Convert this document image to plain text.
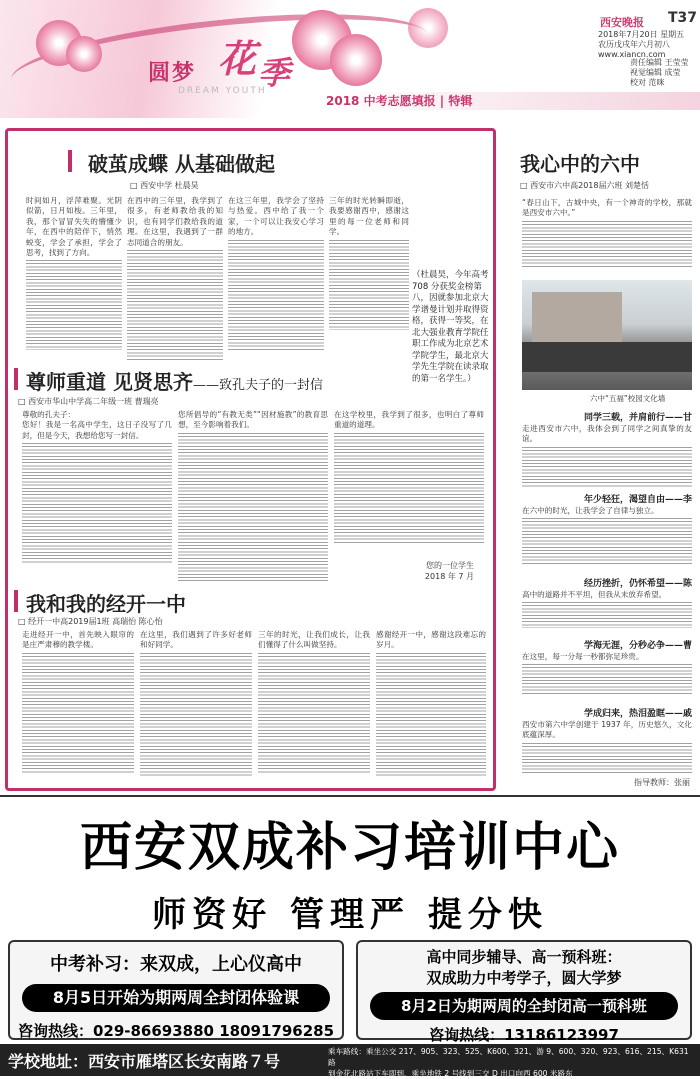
圆梦 花 季
DREAM YOUTH
2018 中考志愿填报 | 特辑
西安晚报 T37
2018年7月20日 星期五
农历戊戌年六月初八
www.xiancn.com
责任编辑 王莹莹
视觉编辑 成莹
校对 范咪
破茧成蝶 从基础做起
□ 西安中学 杜晨昊
时间如月，浮萍难聚。光阴似箭，日月如梭。三年里，我，那个冒冒失失的懵懂少年，在西中的陪伴下，悄然蜕变，学会了承担，学会了思考，找到了方向。
在西中的三年里，我学到了很多，有老师教给我的知识，也有同学们教给我的道理。在这里，我遇到了一群志同道合的朋友。
在这三年里，我学会了坚持与热爱。西中给了我一个家，一个可以让我安心学习的地方。
三年的时光转瞬即逝，我要感谢西中，感谢这里的每一位老师和同学。
（杜晨昊，今年高考 708 分获奖金榜第八，因就参加北京大学谱曼计划并取得资格，获得一等奖，在北大强业教育学院任职工作成为北京艺术学院学生，最北京大学先生学院在读录取的第一名学生。）
尊师重道 见贤思齐——致孔夫子的一封信
□ 西安市华山中学高二年级一班 曹瑞亮
尊敬的孔夫子：
您好！我是一名高中学生，这日子没写了几封，但是今天，我想给您写一封信。
您所倡导的“有教无类”“因材施教”的教育思想，至今影响着我们。
在这学校里，我学到了很多，也明白了尊师重道的道理。
您的一位学生
2018 年 7 月
我和我的经开一中
□ 经开一中高2019届1班 高瑞怡 陈心怡
走进经开一中，首先映入眼帘的是庄严肃穆的教学楼。
在这里，我们遇到了许多好老师和好同学。
三年的时光，让我们成长，让我们懂得了什么叫做坚持。
感谢经开一中，感谢这段难忘的岁月。
我心中的六中
□ 西安市六中高2018届六班 刘楚恬
“春日山下，古城中央，有一个神奇的学校，那就是西安市六中。”
六中“五福”校园文化墙
同学三载，并肩前行——甘
走进西安市六中，我体会到了同学之间真挚的友谊。
年少轻狂，渴望自由——李
在六中的时光，让我学会了自律与独立。
经历挫折，仍怀希望——陈
高中的道路并不平坦，但我从未放弃希望。
学海无涯，分秒必争——曹
在这里，每一分每一秒都弥足珍贵。
学成归来，热泪盈眶——戚
西安市第六中学创建于 1937 年，历史悠久，文化底蕴深厚。
指导教师：张丽
西安双成补习培训中心
师资好 管理严 提分快
中考补习：来双成，上心仪高中
8月5日开始为期两周全封闭体验课
咨询热线：029-86693880 18091796285
高中同步辅导、高一预科班：
双成助力中考学子，圆大学梦
8月2日为期两周的全封闭高一预科班
咨询热线：13186123997
学校地址：西安市雁塔区长安南路７号
乘车路线：乘坐公交 217、905、323、525、K600、321、游 9、600、320、923、616、215、K631路
到金花北路站下车即到，乘坐地铁 2 号线到三交 D 出口向西 600 米路东
